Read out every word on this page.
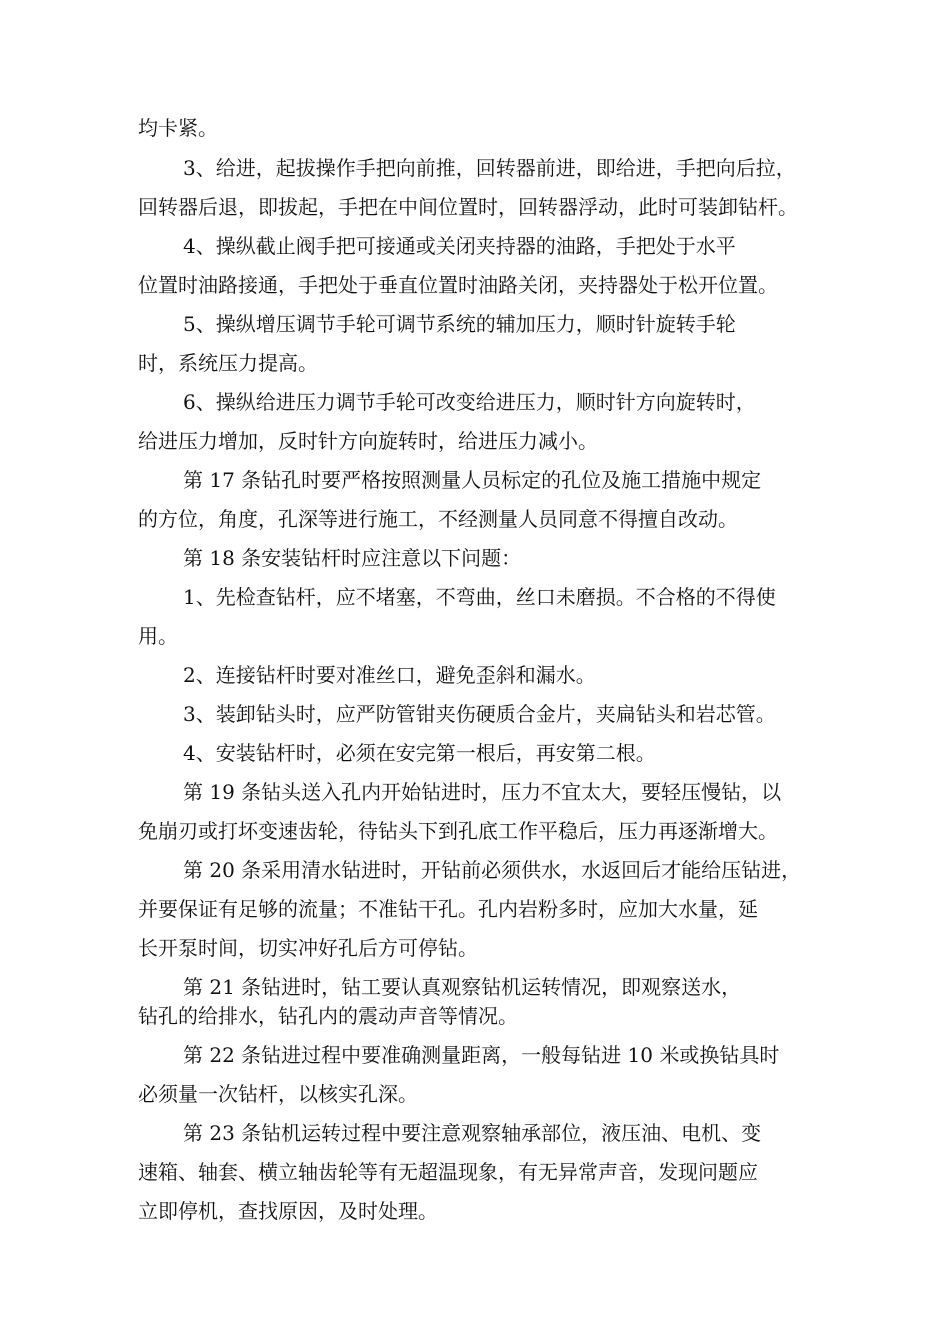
均卡紧。
3、给进，起拔操作手把向前推，回转器前进，即给进，手把向后拉，
回转器后退，即拔起，手把在中间位置时，回转器浮动，此时可装卸钻杆。
4、操纵截止阀手把可接通或关闭夹持器的油路，手把处于水平
位置时油路接通，手把处于垂直位置时油路关闭，夹持器处于松开位置。
5、操纵增压调节手轮可调节系统的辅加压力，顺时针旋转手轮
时，系统压力提高。
6、操纵给进压力调节手轮可改变给进压力，顺时针方向旋转时，
给进压力增加，反时针方向旋转时，给进压力减小。
第 17 条钻孔时要严格按照测量人员标定的孔位及施工措施中规定
的方位，角度，孔深等进行施工，不经测量人员同意不得擅自改动。
第 18 条安装钻杆时应注意以下问题：
1、先检查钻杆，应不堵塞，不弯曲，丝口未磨损。不合格的不得使
用。
2、连接钻杆时要对准丝口，避免歪斜和漏水。
3、装卸钻头时，应严防管钳夹伤硬质合金片，夹扁钻头和岩芯管。
4、安装钻杆时，必须在安完第一根后，再安第二根。
第 19 条钻头送入孔内开始钻进时，压力不宜太大，要轻压慢钻，以
免崩刃或打坏变速齿轮，待钻头下到孔底工作平稳后，压力再逐渐增大。
第 20 条采用清水钻进时，开钻前必须供水，水返回后才能给压钻进，
并要保证有足够的流量；不准钻干孔。孔内岩粉多时，应加大水量，延
长开泵时间，切实冲好孔后方可停钻。
第 21 条钻进时，钻工要认真观察钻机运转情况，即观察送水，
钻孔的给排水，钻孔内的震动声音等情况。
第 22 条钻进过程中要准确测量距离，一般每钻进 10 米或换钻具时
必须量一次钻杆，以核实孔深。
第 23 条钻机运转过程中要注意观察轴承部位，液压油、电机、变
速箱、轴套、横立轴齿轮等有无超温现象，有无异常声音，发现问题应
立即停机，查找原因，及时处理。
